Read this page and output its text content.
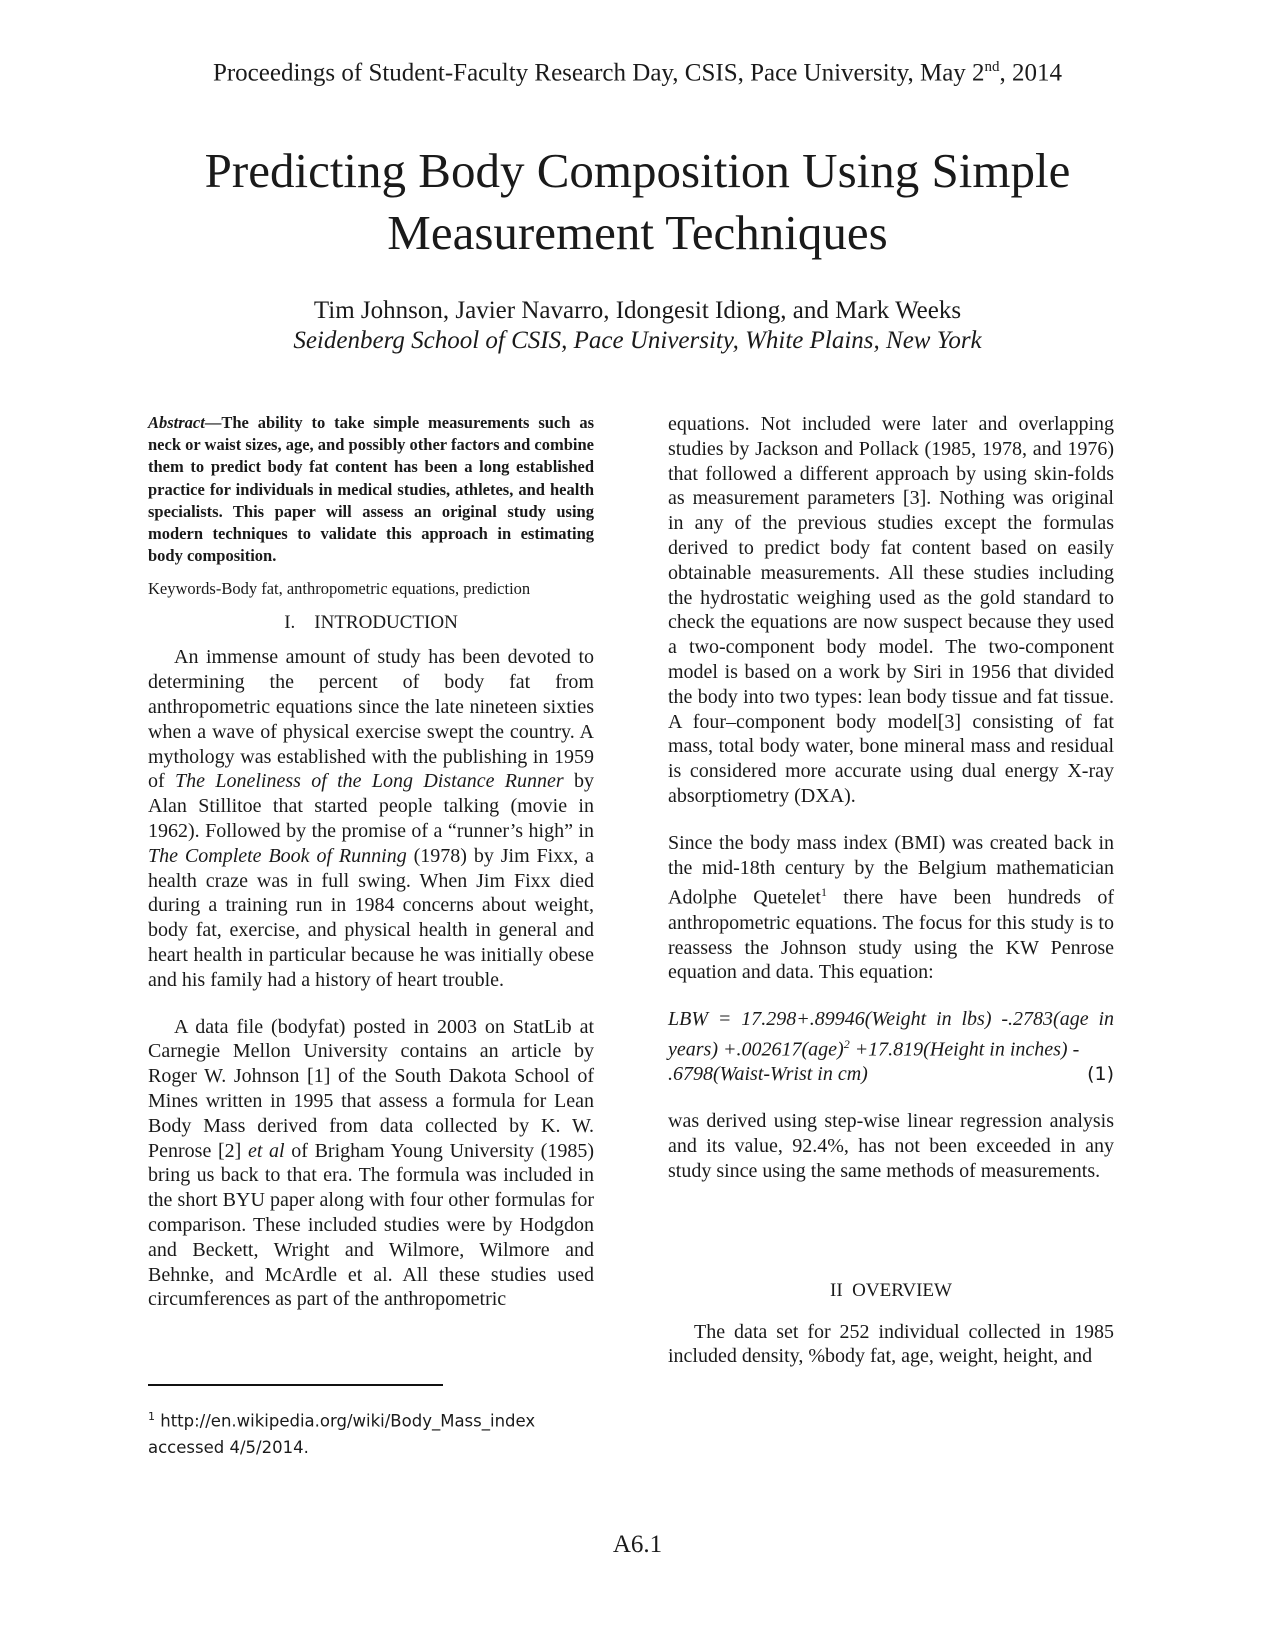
Proceedings of Student-Faculty Research Day, CSIS, Pace University, May 2nd, 2014
Predicting Body Composition Using Simple Measurement Techniques
Tim Johnson, Javier Navarro, Idongesit Idiong, and Mark Weeks
Seidenberg School of CSIS, Pace University, White Plains, New York

Abstract—The ability to take simple measurements such as neck or waist sizes, age, and possibly other factors and combine them to predict body fat content has been a long established practice for individuals in medical studies, athletes, and health specialists. This paper will assess an original study using modern techniques to validate this approach in estimating body composition.

Keywords-Body fat, anthropometric equations, prediction

I.    INTRODUCTION

An immense amount of study has been devoted to determining the percent of body fat from anthropometric equations since the late nineteen sixties when a wave of physical exercise swept the country. A mythology was established with the publishing in 1959 of The Loneliness of the Long Distance Runner by Alan Stillitoe that started people talking (movie in 1962). Followed by the promise of a “runner’s high” in The Complete Book of Running (1978) by Jim Fixx, a health craze was in full swing. When Jim Fixx died during a training run in 1984 concerns about weight, body fat, exercise, and physical health in general and heart health in particular because he was initially obese and his family had a history of heart trouble.

A data file (bodyfat) posted in 2003 on StatLib at Carnegie Mellon University contains an article by Roger W. Johnson [1] of the South Dakota School of Mines written in 1995 that assess a formula for Lean Body Mass derived from data collected by K. W. Penrose [2] et al of Brigham Young University (1985) bring us back to that era. The formula was included in the short BYU paper along with four other formulas for comparison. These included studies were by Hodgdon and Beckett, Wright and Wilmore, Wilmore and Behnke, and McArdle et al. All these studies used circumferences as part of the anthropometric

equations. Not included were later and overlapping studies by Jackson and Pollack (1985, 1978, and 1976) that followed a different approach by using skin-folds as measurement parameters [3]. Nothing was original in any of the previous studies except the formulas derived to predict body fat content based on easily obtainable measurements. All these studies including the hydrostatic weighing used as the gold standard to check the equations are now suspect because they used a two-component body model. The two-component model is based on a work by Siri in 1956 that divided the body into two types: lean body tissue and fat tissue. A four–component body model[3] consisting of fat mass, total body water, bone mineral mass and residual is considered more accurate using dual energy X-ray absorptiometry (DXA).

Since the body mass index (BMI) was created back in the mid-18th century by the Belgium mathematician Adolphe Quetelet$^1$ there have been hundreds of anthropometric equations. The focus for this study is to reassess the Johnson study using the KW Penrose equation and data. This equation:

LBW = 17.298+.89946(Weight in lbs) -.2783(age in years) +.002617(age)$^2$ +17.819(Height in inches) -
.6798(Waist-Wrist in cm)	(1)

was derived using step-wise linear regression analysis and its value, 92.4%, has not been exceeded in any study since using the same methods of measurements.

II  OVERVIEW

The data set for 252 individual collected in 1985 included density, %body fat, age, weight, height, and

$^1$ http://en.wikipedia.org/wiki/Body_Mass_index
accessed 4/5/2014.
A6.1
